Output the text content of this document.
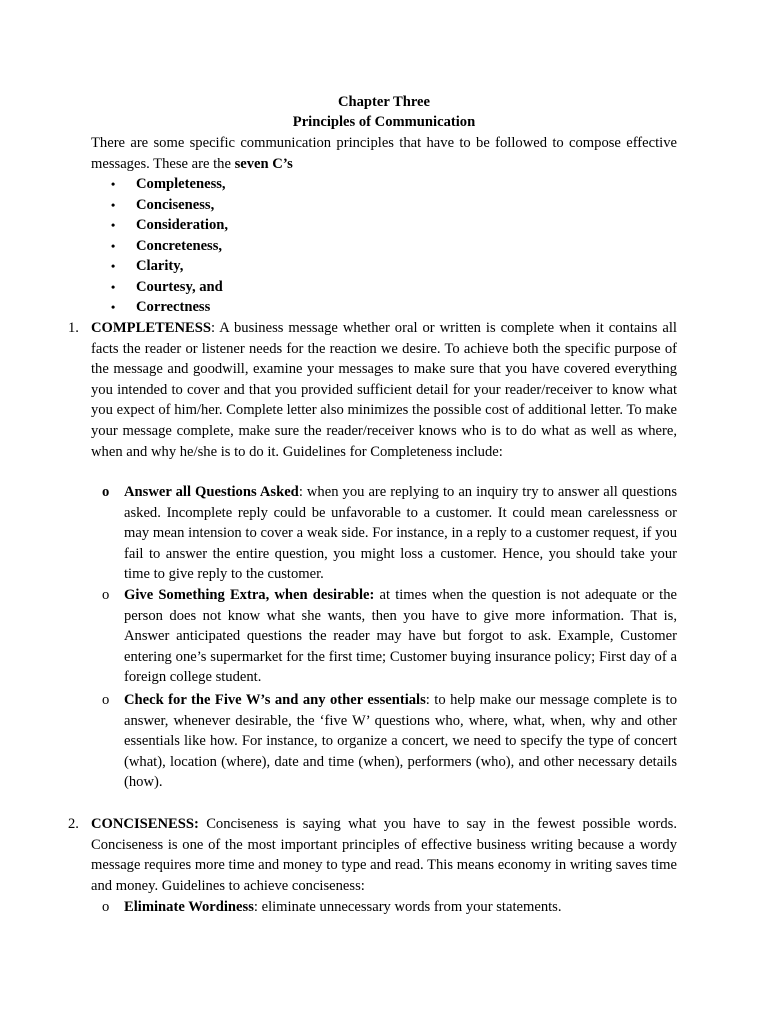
Chapter Three
Principles of Communication

There are some specific communication principles that have to be followed to compose effective messages. These are the seven C’s

• Completeness,
• Conciseness,
• Consideration,
• Concreteness,
• Clarity,
• Courtesy, and
• Correctness
1. COMPLETENESS: A business message whether oral or written is complete when it contains all facts the reader or listener needs for the reaction we desire. To achieve both the specific purpose of the message and goodwill, examine your messages to make sure that you have covered everything you intended to cover and that you provided sufficient detail for your reader/receiver to know what you expect of him/her. Complete letter also minimizes the possible cost of additional letter. To make your message complete, make sure the reader/receiver knows who is to do what as well as where, when and why he/she is to do it. Guidelines for Completeness include:

o Answer all Questions Asked: when you are replying to an inquiry try to answer all questions asked. Incomplete reply could be unfavorable to a customer. It could mean carelessness or may mean intension to cover a weak side. For instance, in a reply to a customer request, if you fail to answer the entire question, you might loss a customer. Hence, you should take your time to give reply to the customer.

o Give Something Extra, when desirable: at times when the question is not adequate or the person does not know what she wants, then you have to give more information. That is, Answer anticipated questions the reader may have but forgot to ask. Example, Customer entering one’s supermarket for the first time; Customer buying insurance policy; First day of a foreign college student.

o Check for the Five W’s and any other essentials: to help make our message complete is to answer, whenever desirable, the ‘five W’ questions who, where, what, when, why and other essentials like how. For instance, to organize a concert, we need to specify the type of concert (what), location (where), date and time (when), performers (who), and other necessary details (how).

2. CONCISENESS: Conciseness is saying what you have to say in the fewest possible words. Conciseness is one of the most important principles of effective business writing because a wordy message requires more time and money to type and read. This means economy in writing saves time and money. Guidelines to achieve conciseness:

o Eliminate Wordiness: eliminate unnecessary words from your statements.
